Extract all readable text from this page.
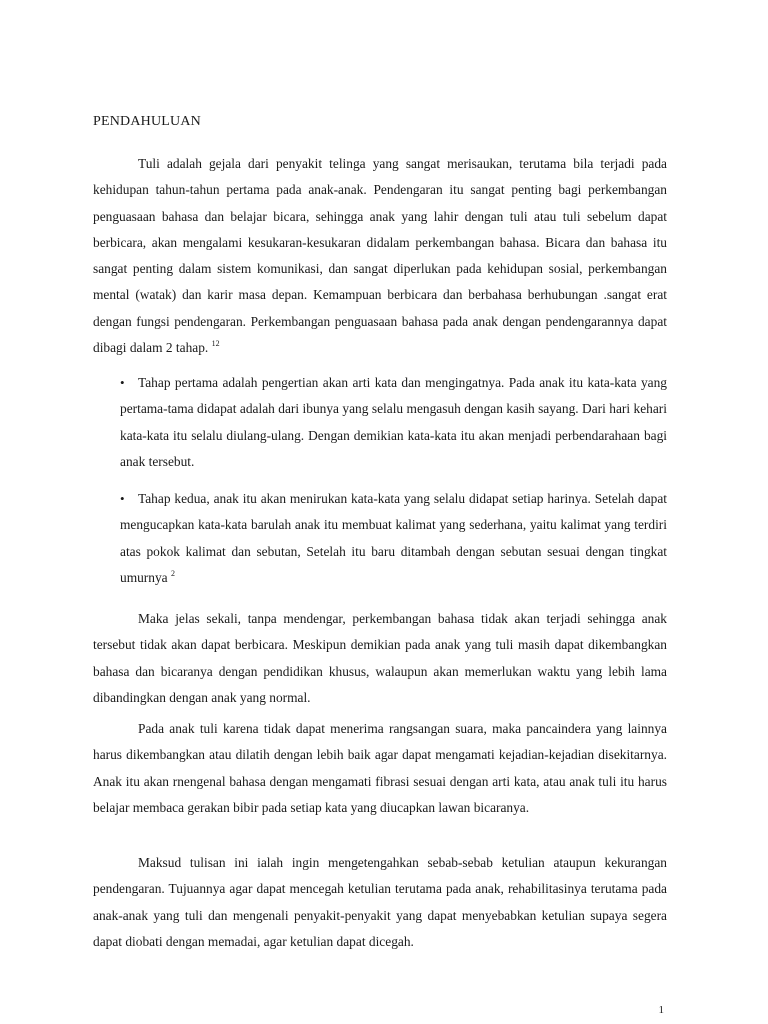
PENDAHULUAN
Tuli adalah gejala dari penyakit telinga yang sangat merisaukan, terutama bila terjadi pada kehidupan tahun-tahun pertama pada anak-anak. Pendengaran itu sangat penting bagi perkembangan penguasaan bahasa dan belajar bicara, sehingga anak yang lahir dengan tuli atau tuli sebelum dapat berbicara, akan mengalami kesukaran-kesukaran didalam perkembangan bahasa. Bicara dan bahasa itu sangat penting dalam sistem komunikasi, dan sangat diperlukan pada kehidupan sosial, perkembangan mental (watak) dan karir masa depan. Kemampuan berbicara dan berbahasa berhubungan .sangat erat dengan fungsi pendengaran. Perkembangan penguasaan bahasa pada anak dengan pendengarannya dapat dibagi dalam 2 tahap. $^{12}$
• Tahap pertama adalah pengertian akan arti kata dan mengingatnya. Pada anak itu kata-kata yang pertama-tama didapat adalah dari ibunya yang selalu mengasuh dengan kasih sayang. Dari hari kehari kata-kata itu selalu diulang-ulang. Dengan demikian kata-kata itu akan menjadi perbendarahaan bagi anak tersebut.
• Tahap kedua, anak itu akan menirukan kata-kata yang selalu didapat setiap harinya. Setelah dapat mengucapkan kata-kata barulah anak itu membuat kalimat yang sederhana, yaitu kalimat yang terdiri atas pokok kalimat dan sebutan, Setelah itu baru ditambah dengan sebutan sesuai dengan tingkat umurnya $^2$
Maka jelas sekali, tanpa mendengar, perkembangan bahasa tidak akan terjadi sehingga anak tersebut tidak akan dapat berbicara. Meskipun demikian pada anak yang tuli masih dapat dikembangkan bahasa dan bicaranya dengan pendidikan khusus, walaupun akan memerlukan waktu yang lebih lama dibandingkan dengan anak yang normal.
Pada anak tuli karena tidak dapat menerima rangsangan suara, maka pancaindera yang lainnya harus dikembangkan atau dilatih dengan lebih baik agar dapat mengamati kejadian-kejadian disekitarnya. Anak itu akan rnengenal bahasa dengan mengamati fibrasi sesuai dengan arti kata, atau anak tuli itu harus belajar membaca gerakan bibir pada setiap kata yang diucapkan lawan bicaranya.
Maksud tulisan ini ialah ingin mengetengahkan sebab-sebab ketulian ataupun kekurangan pendengaran. Tujuannya agar dapat mencegah ketulian terutama pada anak, rehabilitasinya terutama pada anak-anak yang tuli dan mengenali penyakit-penyakit yang dapat menyebabkan ketulian supaya segera dapat diobati dengan memadai, agar ketulian dapat dicegah.
1
